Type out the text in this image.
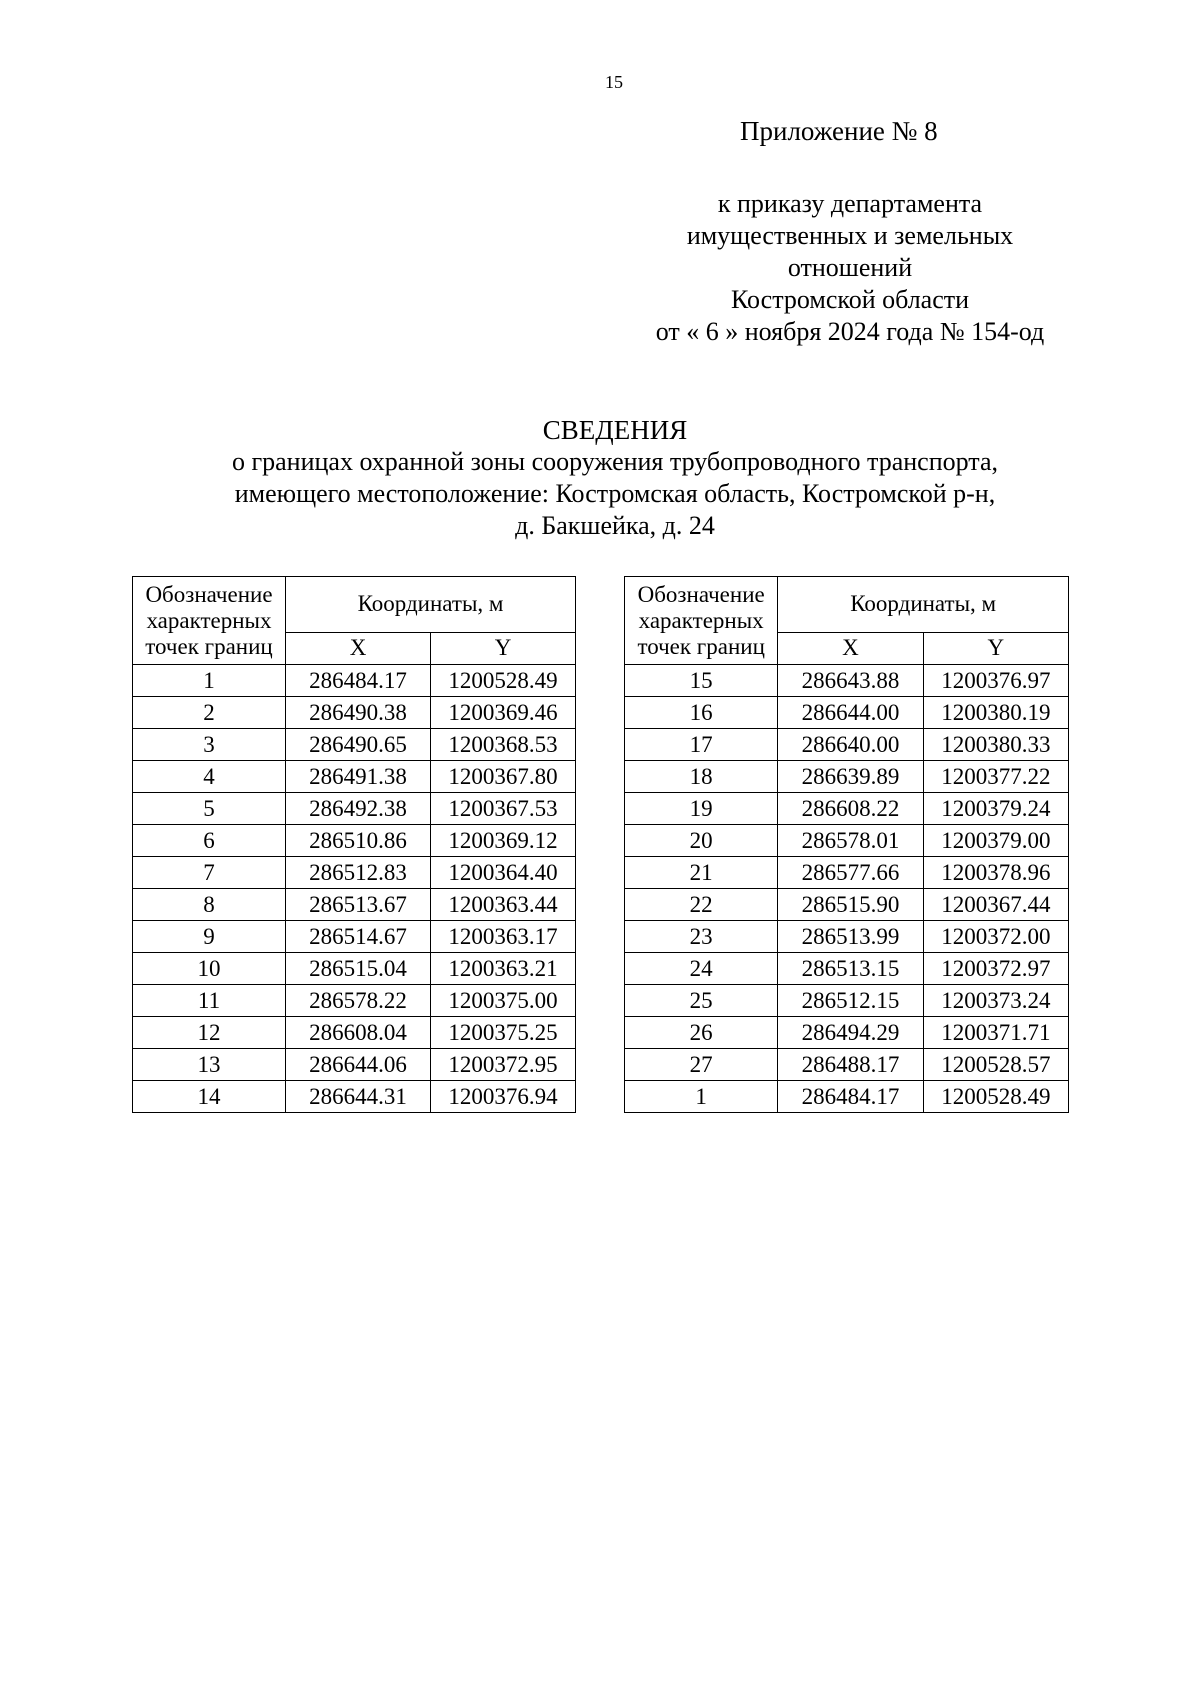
15
Приложение № 8
к приказу департамента
имущественных и земельных
отношений
Костромской области
от « 6 » ноября 2024 года № 154-од
СВЕДЕНИЯ
о границах охранной зоны сооружения трубопроводного транспорта,
имеющего местоположение: Костромская область, Костромской р-н,
д. Бакшейка, д. 24
Обозначение
характерных
точек границ	Координаты, м	
	X	Y
1	286484.17	1200528.49
2	286490.38	1200369.46
3	286490.65	1200368.53
4	286491.38	1200367.80
5	286492.38	1200367.53
6	286510.86	1200369.12
7	286512.83	1200364.40
8	286513.67	1200363.44
9	286514.67	1200363.17
10	286515.04	1200363.21
11	286578.22	1200375.00
12	286608.04	1200375.25
13	286644.06	1200372.95
14	286644.31	1200376.94
Обозначение
характерных
точек границ	Координаты, м	
	X	Y
15	286643.88	1200376.97
16	286644.00	1200380.19
17	286640.00	1200380.33
18	286639.89	1200377.22
19	286608.22	1200379.24
20	286578.01	1200379.00
21	286577.66	1200378.96
22	286515.90	1200367.44
23	286513.99	1200372.00
24	286513.15	1200372.97
25	286512.15	1200373.24
26	286494.29	1200371.71
27	286488.17	1200528.57
1	286484.17	1200528.49
